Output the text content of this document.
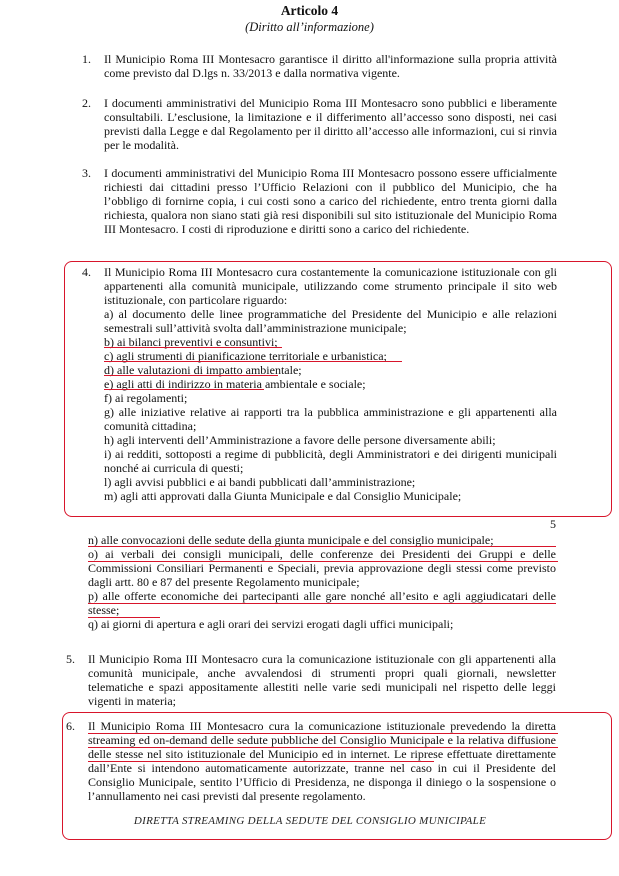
Articolo 4
(Diritto all’informazione)
1.	Il Municipio Roma III Montesacro garantisce il diritto all'informazione sulla propria attività come previsto dal D.lgs n. 33/2013 e dalla normativa vigente.
2.	I documenti amministrativi del Municipio Roma III Montesacro sono pubblici e liberamente consultabili. L’esclusione, la limitazione e il differimento all’accesso sono disposti, nei casi previsti dalla Legge e dal Regolamento per il diritto all’accesso alle informazioni, cui si rinvia per le modalità.
3.	I documenti amministrativi del Municipio Roma III Montesacro possono essere ufficialmente richiesti dai cittadini presso l’Ufficio Relazioni con il pubblico del Municipio, che ha l’obbligo di fornirne copia, i cui costi sono a carico del richiedente, entro trenta giorni dalla richiesta, qualora non siano stati già resi disponibili sul sito istituzionale del Municipio Roma III Montesacro. I costi di riproduzione e diritti sono a carico del richiedente.
4.	Il Municipio Roma III Montesacro cura costantemente la comunicazione istituzionale con gli appartenenti alla comunità municipale, utilizzando come strumento principale il sito web istituzionale, con particolare riguardo:
a) al documento delle linee programmatiche del Presidente del Municipio e alle relazioni semestrali sull’attività svolta dall’amministrazione municipale;
b) ai bilanci preventivi e consuntivi;
c) agli strumenti di pianificazione territoriale e urbanistica;
d) alle valutazioni di impatto ambientale;
e) agli atti di indirizzo in materia ambientale e sociale;
f) ai regolamenti;
g) alle iniziative relative ai rapporti tra la pubblica amministrazione e gli appartenenti alla comunità cittadina;
h) agli interventi dell’Amministrazione a favore delle persone diversamente abili;
i) ai redditi, sottoposti a regime di pubblicità, degli Amministratori e dei dirigenti municipali nonché ai curricula di questi;
l) agli avvisi pubblici e ai bandi pubblicati dall’amministrazione;
m) agli atti approvati dalla Giunta Municipale e dal Consiglio Municipale;
5
n) alle convocazioni delle sedute della giunta municipale e del consiglio municipale;
o) ai verbali dei consigli municipali, delle conferenze dei Presidenti dei Gruppi e delle Commissioni Consiliari Permanenti e Speciali, previa approvazione degli stessi come previsto dagli artt. 80 e 87 del presente Regolamento municipale;
p) alle offerte economiche dei partecipanti alle gare nonché all’esito e agli aggiudicatari delle stesse;
q) ai giorni di apertura e agli orari dei servizi erogati dagli uffici municipali;
5.	Il Municipio Roma III Montesacro cura la comunicazione istituzionale con gli appartenenti alla comunità municipale, anche avvalendosi di strumenti propri quali giornali, newsletter telematiche e spazi appositamente allestiti nelle varie sedi municipali nel rispetto delle leggi vigenti in materia;
6.	Il Municipio Roma III Montesacro cura la comunicazione istituzionale prevedendo la diretta streaming ed on-demand delle sedute pubbliche del Consiglio Municipale e la relativa diffusione delle stesse nel sito istituzionale del Municipio ed in internet. Le riprese effettuate direttamente dall’Ente si intendono automaticamente autorizzate, tranne nel caso in cui il Presidente del Consiglio Municipale, sentito l’Ufficio di Presidenza, ne disponga il diniego o la sospensione o l’annullamento nei casi previsti dal presente regolamento.
DIRETTA STREAMING DELLA SEDUTE DEL CONSIGLIO MUNICIPALE
